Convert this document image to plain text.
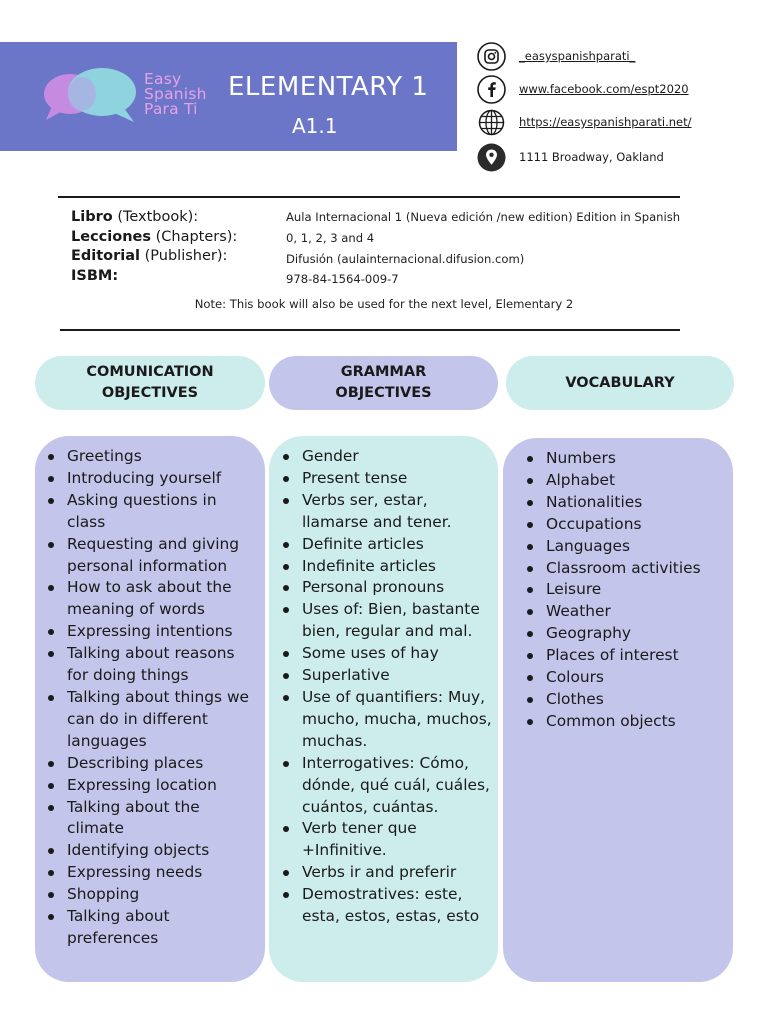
Easy
Spanish
Para Ti
ELEMENTARY 1
A1.1
_easyspanishparati_
www.facebook.com/espt2020
https://easyspanishparati.net/
1111 Broadway, Oakland
Libro (Textbook):
Lecciones (Chapters):
Editorial (Publisher):
ISBM:
Aula Internacional 1 (Nueva edición /new edition) Edition in Spanish
0, 1, 2, 3 and 4
Difusión (aulainternacional.difusion.com)
978-84-1564-009-7
Note: This book will also be used for the next level, Elementary 2
COMUNICATION
OBJECTIVES
GRAMMAR
OBJECTIVES
VOCABULARY
Greetings
Introducing yourself
Asking questions in class
Requesting and giving personal information
How to ask about the meaning of words
Expressing intentions
Talking about reasons for doing things
Talking about things we can do in different languages
Describing places
Expressing location
Talking about the climate
Identifying objects
Expressing needs
Shopping
Talking about preferences
Gender
Present tense
Verbs ser, estar, llamarse and tener.
Definite articles
Indefinite articles
Personal pronouns
Uses of: Bien, bastante bien, regular and mal.
Some uses of hay
Superlative
Use of quantifiers: Muy, mucho, mucha, muchos, muchas.
Interrogatives: Cómo, dónde, qué cuál, cuáles, cuántos, cuántas.
Verb tener que +Infinitive.
Verbs ir and preferir
Demostratives: este, esta, estos, estas, esto
Numbers
Alphabet
Nationalities
Occupations
Languages
Classroom activities
Leisure
Weather
Geography
Places of interest
Colours
Clothes
Common objects
